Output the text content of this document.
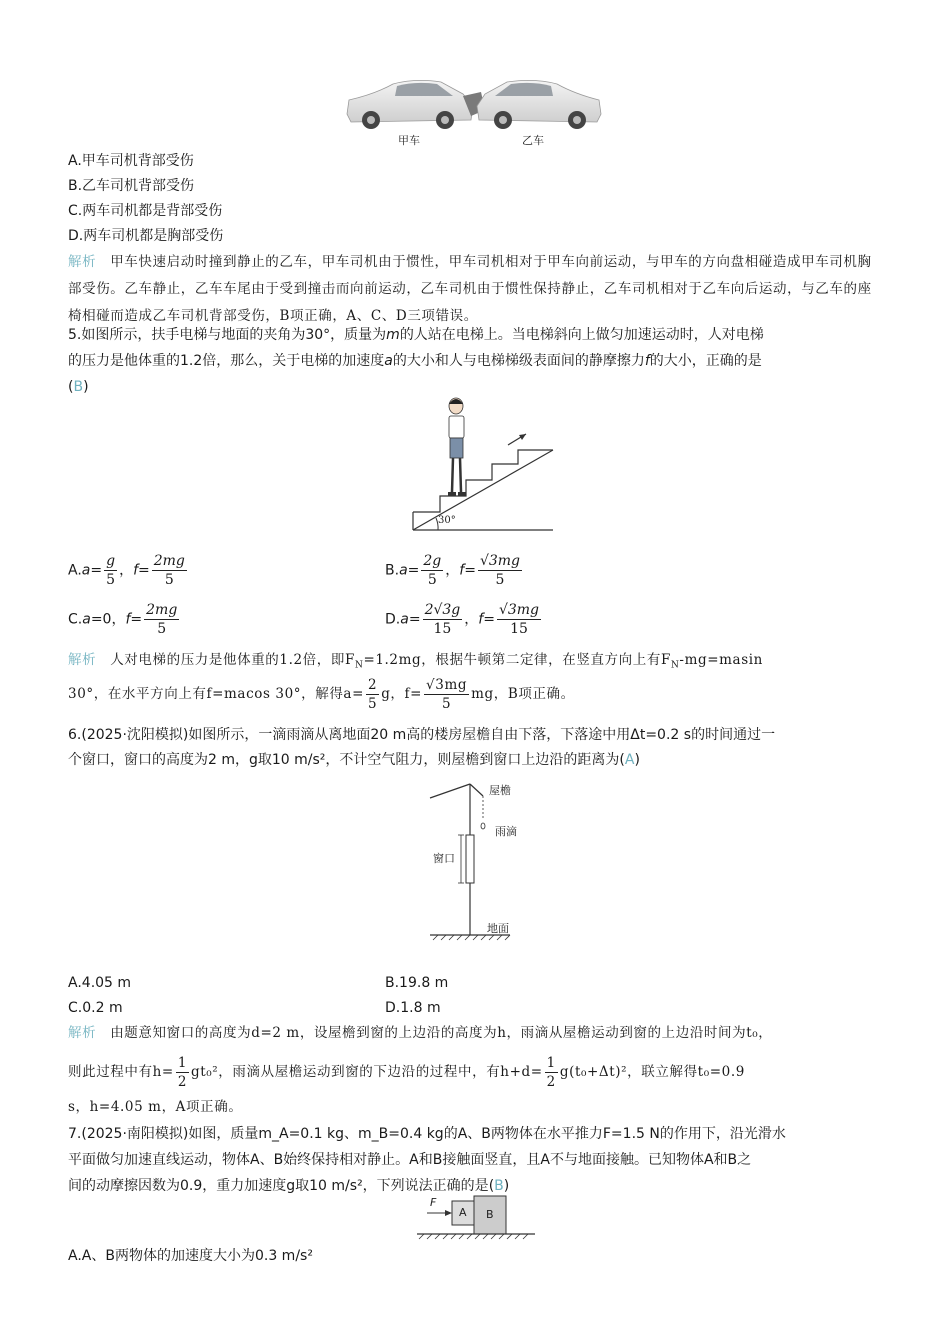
甲车	乙车
A.甲车司机背部受伤
B.乙车司机背部受伤
C.两车司机都是背部受伤
D.两车司机都是胸部受伤
解析 甲车快速启动时撞到静止的乙车，甲车司机由于惯性，甲车司机相对于甲车向前运动，与甲车的方向盘相碰造成甲车司机胸部受伤。乙车静止，乙车车尾由于受到撞击而向前运动，乙车司机由于惯性保持静止，乙车司机相对于乙车向后运动，与乙车的座椅相碰而造成乙车司机背部受伤，B项正确，A、C、D三项错误。
5.如图所示，扶手电梯与地面的夹角为30°，质量为m的人站在电梯上。当电梯斜向上做匀加速运动时，人对电梯
的压力是他体重的1.2倍，那么，关于电梯的加速度a的大小和人与电梯梯级表面间的静摩擦力f的大小，正确的是
(B)
30°
$A.a= \frac{g}{5}$ ，$f= \frac{2mg}{5}$	$B.a= \frac{2g}{5}$ ，$f= \frac{√3mg}{5}$
C.a=0，$f= \frac{2mg}{5}$	$D.a= \frac{2√3g}{15}$ ，$f= \frac{√3mg}{15}$
解析 人对电梯的压力是他体重的1.2倍，即$F_N=1.2mg$，根据牛顿第二定律，在竖直方向上有$F_N-mg=masin$
30°，在水平方向上有f=macos 30°，解得$a= \frac{2}{5}$ g，$f= \frac{√3mg}{5}$ mg，B项正确。
6.(2025·沈阳模拟)如图所示，一滴雨滴从离地面20 m高的楼房屋檐自由下落，下落途中用Δt=0.2 s的时间通过一
个窗口，窗口的高度为2 m，g取10 m/s²，不计空气阻力，则屋檐到窗口上边沿的距离为(A)
屋檐
雨滴
窗口
地面
A.4.05 m	B.19.8 m
C.0.2 m	D.1.8 m
解析 由题意知窗口的高度为d=2 m，设屋檐到窗的上边沿的高度为h，雨滴从屋檐运动到窗的上边沿时间为t₀，
则此过程中有$h= \frac{1}{2} gt_0^2$，雨滴从屋檐运动到窗的下边沿的过程中，有$h+d= \frac{1}{2} g(t_0+\Delta t)^2$，联立解得t₀=0.9
s，h=4.05 m，A项正确。
7.(2025·南阳模拟)如图，质量m_A=0.1 kg、m_B=0.4 kg的A、B两物体在水平推力F=1.5 N的作用下，沿光滑水
平面做匀加速直线运动，物体A、B始终保持相对静止。A和B接触面竖直，且A不与地面接触。已知物体A和B之
间的动摩擦因数为0.9，重力加速度g取10 m/s²，下列说法正确的是(B)
F
A B
A.A、B两物体的加速度大小为0.3 m/s²
